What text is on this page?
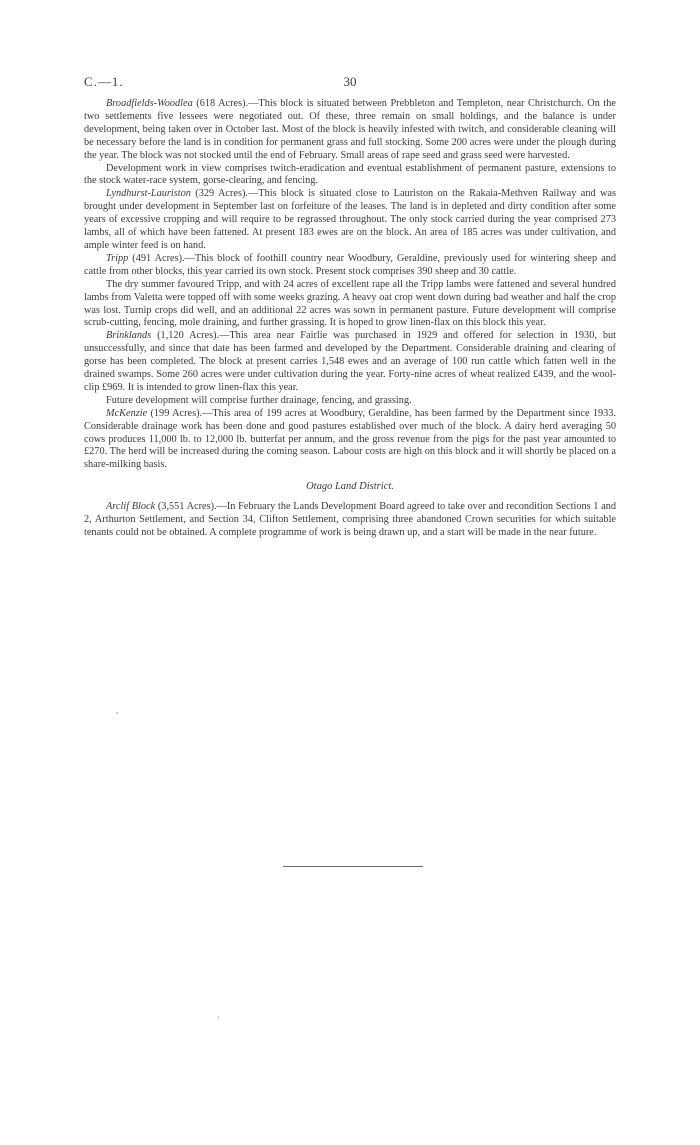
C.—1.	30

Broadfields-Woodlea (618 Acres).—This block is situated between Prebbleton and Templeton, near Christchurch. On the two settlements five lessees were negotiated out. Of these, three remain on small holdings, and the balance is under development, being taken over in October last. Most of the block is heavily infested with twitch, and considerable cleaning will be necessary before the land is in condition for permanent grass and full stocking. Some 200 acres were under the plough during the year. The block was not stocked until the end of February. Small areas of rape seed and grass seed were harvested.

Development work in view comprises twitch-eradication and eventual establishment of permanent pasture, extensions to the stock water-race system, gorse-clearing, and fencing.

Lyndhurst-Lauriston (329 Acres).—This block is situated close to Lauriston on the Rakaia-Methven Railway and was brought under development in September last on forfeiture of the leases. The land is in depleted and dirty condition after some years of excessive cropping and will require to be regrassed throughout. The only stock carried during the year comprised 273 lambs, all of which have been fattened. At present 183 ewes are on the block. An area of 185 acres was under cultivation, and ample winter feed is on hand.

Tripp (491 Acres).—This block of foothill country near Woodbury, Geraldine, previously used for wintering sheep and cattle from other blocks, this year carried its own stock. Present stock comprises 390 sheep and 30 cattle.

The dry summer favoured Tripp, and with 24 acres of excellent rape all the Tripp lambs were fattened and several hundred lambs from Valetta were topped off with some weeks grazing. A heavy oat crop went down during bad weather and half the crop was lost. Turnip crops did well, and an additional 22 acres was sown in permanent pasture. Future development will comprise scrub-cutting, fencing, mole draining, and further grassing. It is hoped to grow linen-flax on this block this year.

Brinklands (1,120 Acres).—This area near Fairlie was purchased in 1929 and offered for selection in 1930, but unsuccessfully, and since that date has been farmed and developed by the Department. Considerable draining and clearing of gorse has been completed. The block at present carries 1,548 ewes and an average of 100 run cattle which fatten well in the drained swamps. Some 260 acres were under cultivation during the year. Forty-nine acres of wheat realized £439, and the wool-clip £969. It is intended to grow linen-flax this year.

Future development will comprise further drainage, fencing, and grassing.

McKenzie (199 Acres).—This area of 199 acres at Woodbury, Geraldine, has been farmed by the Department since 1933. Considerable drainage work has been done and good pastures established over much of the block. A dairy herd averaging 50 cows produces 11,000 lb. to 12,000 lb. butterfat per annum, and the gross revenue from the pigs for the past year amounted to £270. The herd will be increased during the coming season. Labour costs are high on this block and it will shortly be placed on a share-milking basis.

Otago Land District.

Arclif Block (3,551 Acres).—In February the Lands Development Board agreed to take over and recondition Sections 1 and 2, Arthurton Settlement, and Section 34, Clifton Settlement, comprising three abandoned Crown securities for which suitable tenants could not be obtained. A complete programme of work is being drawn up, and a start will be made in the near future.
